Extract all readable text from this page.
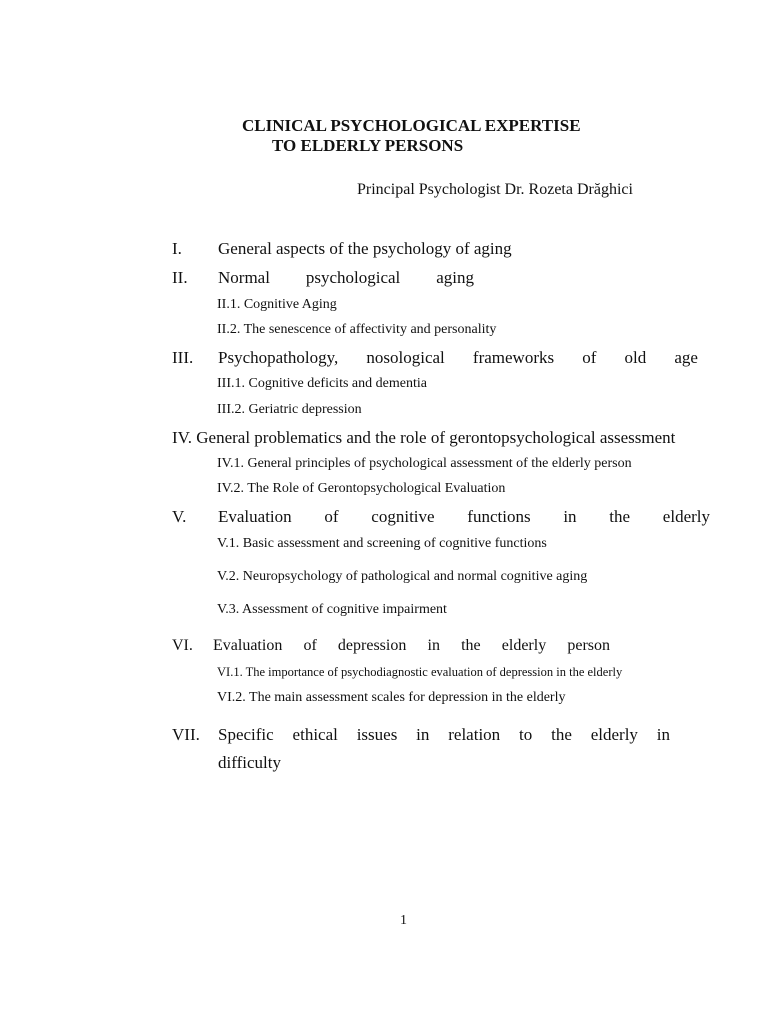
CLINICAL PSYCHOLOGICAL EXPERTISE
TO ELDERLY PERSONS
Principal Psychologist Dr. Rozeta Drăghici
I. General aspects of the psychology of aging
II. Normal psychological aging
II.1. Cognitive Aging
II.2. The senescence of affectivity and personality
III. Psychopathology, nosological frameworks of old age
III.1. Cognitive deficits and dementia
III.2. Geriatric depression
IV. General problematics and the role of gerontopsychological assessment
IV.1. General principles of psychological assessment of the elderly person
IV.2. The Role of Gerontopsychological Evaluation
V. Evaluation of cognitive functions in the elderly
V.1. Basic assessment and screening of cognitive functions
V.2. Neuropsychology of pathological and normal cognitive aging
V.3. Assessment of cognitive impairment
VI. Evaluation of depression in the elderly person
VI.1. The importance of psychodiagnostic evaluation of depression in the elderly
VI.2. The main assessment scales for depression in the elderly
VII. Specific ethical issues in relation to the elderly in
difficulty
1
